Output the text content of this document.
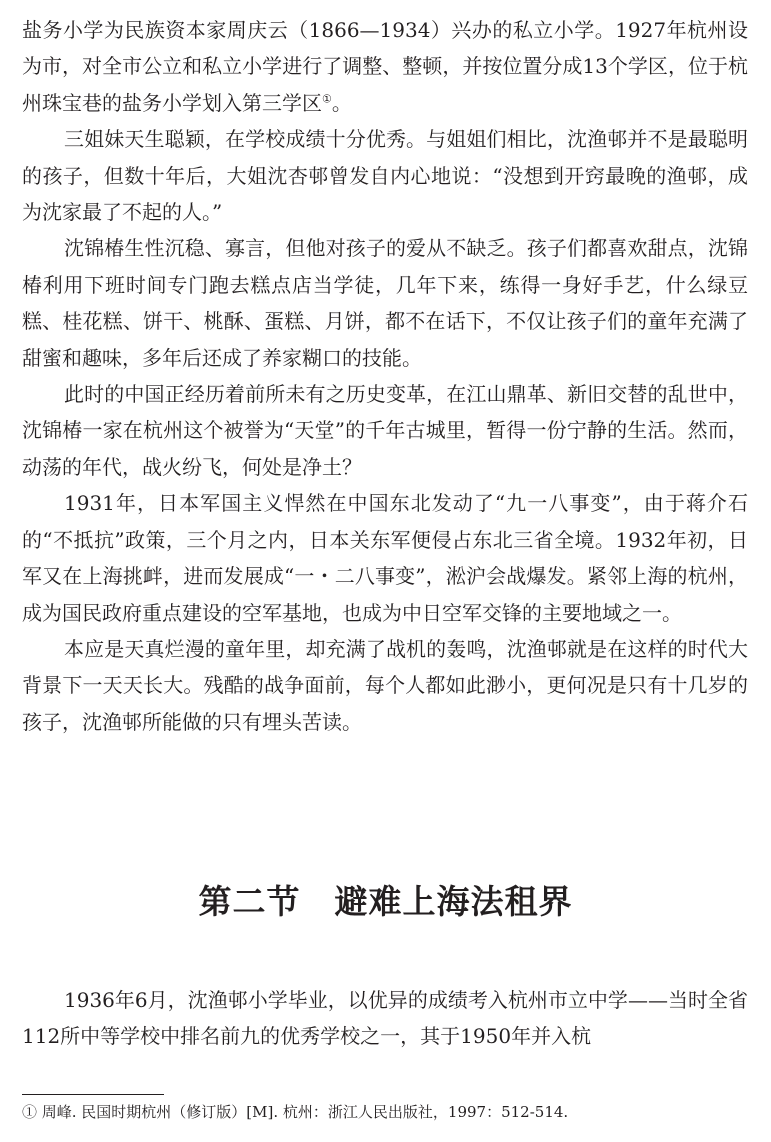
盐务小学为民族资本家周庆云（1866—1934）兴办的私立小学。1927年杭州设为市，对全市公立和私立小学进行了调整、整顿，并按位置分成13个学区，位于杭州珠宝巷的盐务小学划入第三学区①。

三姐妹天生聪颖，在学校成绩十分优秀。与姐姐们相比，沈渔邨并不是最聪明的孩子，但数十年后，大姐沈杏邨曾发自内心地说：“没想到开窍最晚的渔邨，成为沈家最了不起的人。”

沈锦椿生性沉稳、寡言，但他对孩子的爱从不缺乏。孩子们都喜欢甜点，沈锦椿利用下班时间专门跑去糕点店当学徒，几年下来，练得一身好手艺，什么绿豆糕、桂花糕、饼干、桃酥、蛋糕、月饼，都不在话下，不仅让孩子们的童年充满了甜蜜和趣味，多年后还成了养家糊口的技能。

此时的中国正经历着前所未有之历史变革，在江山鼎革、新旧交替的乱世中，沈锦椿一家在杭州这个被誉为“天堂”的千年古城里，暂得一份宁静的生活。然而，动荡的年代，战火纷飞，何处是净土？

1931年，日本军国主义悍然在中国东北发动了“九一八事变”，由于蒋介石的“不抵抗”政策，三个月之内，日本关东军便侵占东北三省全境。1932年初，日军又在上海挑衅，进而发展成“一・二八事变”，淞沪会战爆发。紧邻上海的杭州，成为国民政府重点建设的空军基地，也成为中日空军交锋的主要地域之一。

本应是天真烂漫的童年里，却充满了战机的轰鸣，沈渔邨就是在这样的时代大背景下一天天长大。残酷的战争面前，每个人都如此渺小，更何况是只有十几岁的孩子，沈渔邨所能做的只有埋头苦读。

第二节　避难上海法租界

1936年6月，沈渔邨小学毕业，以优异的成绩考入杭州市立中学——当时全省112所中等学校中排名前九的优秀学校之一，其于1950年并入杭

① 周峰. 民国时期杭州（修订版）[M]. 杭州：浙江人民出版社，1997：512-514.
